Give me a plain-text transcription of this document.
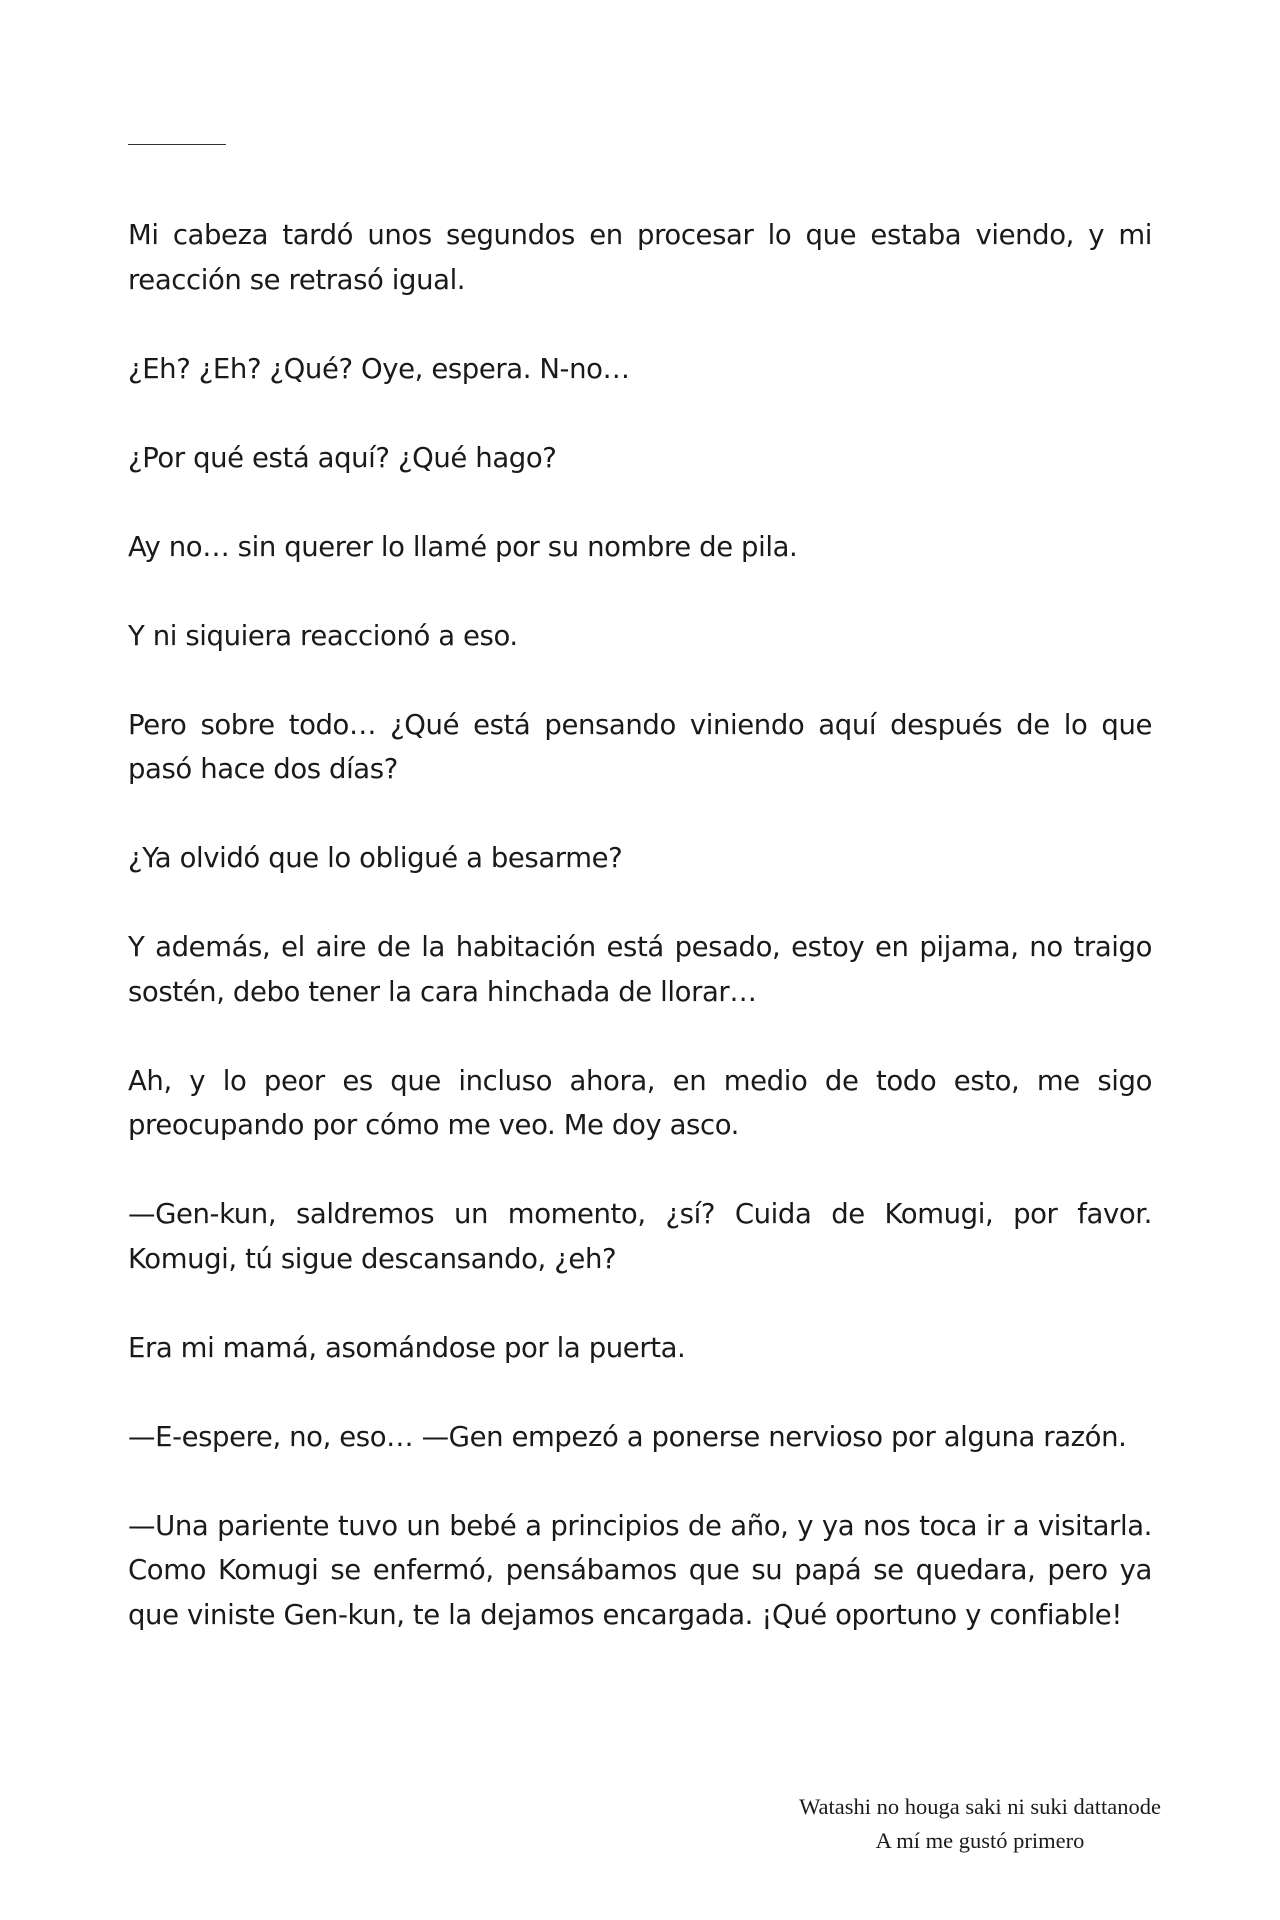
Mi cabeza tardó unos segundos en procesar lo que estaba viendo, y mi reacción se retrasó igual.

¿Eh? ¿Eh? ¿Qué? Oye, espera. N-no…

¿Por qué está aquí? ¿Qué hago?

Ay no… sin querer lo llamé por su nombre de pila.

Y ni siquiera reaccionó a eso.

Pero sobre todo… ¿Qué está pensando viniendo aquí después de lo que pasó hace dos días?

¿Ya olvidó que lo obligué a besarme?

Y además, el aire de la habitación está pesado, estoy en pijama, no traigo sostén, debo tener la cara hinchada de llorar…

Ah, y lo peor es que incluso ahora, en medio de todo esto, me sigo preocupando por cómo me veo. Me doy asco.

—Gen-kun, saldremos un momento, ¿sí? Cuida de Komugi, por favor. Komugi, tú sigue descansando, ¿eh?

Era mi mamá, asomándose por la puerta.

—E-espere, no, eso… —Gen empezó a ponerse nervioso por alguna razón.

—Una pariente tuvo un bebé a principios de año, y ya nos toca ir a visitarla. Como Komugi se enfermó, pensábamos que su papá se quedara, pero ya que viniste Gen-kun, te la dejamos encargada. ¡Qué oportuno y confiable!

Watashi no houga saki ni suki dattanode
A mí me gustó primero
